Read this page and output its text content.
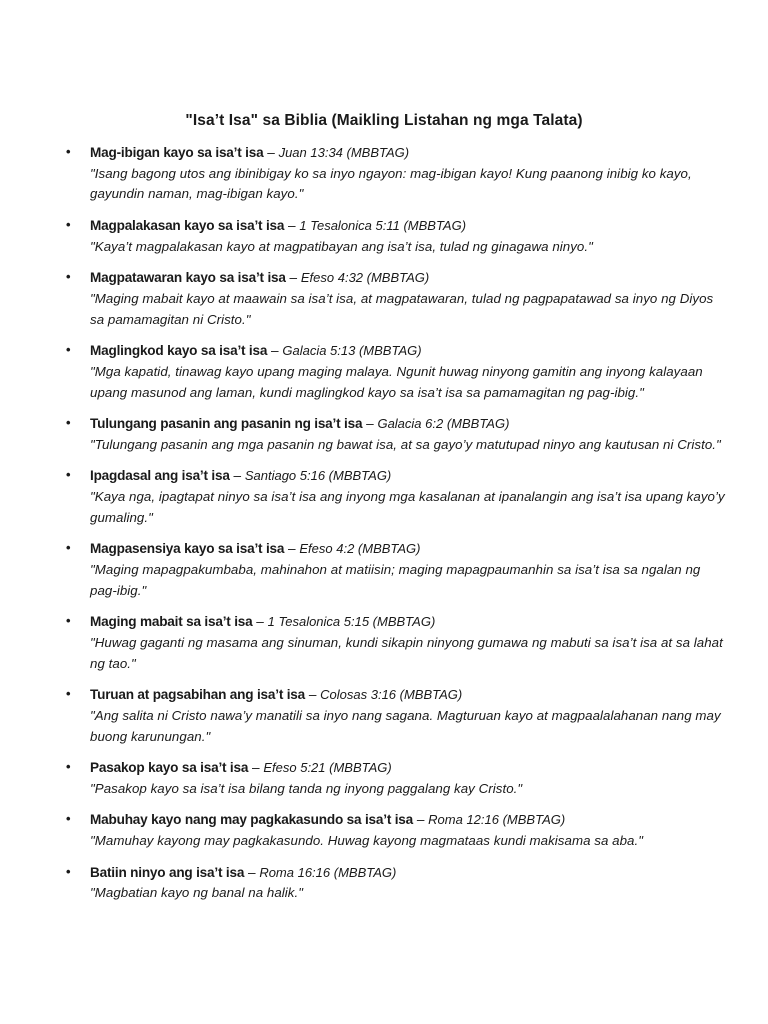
"Isa’t Isa" sa Biblia (Maikling Listahan ng mga Talata)
• Mag-ibigan kayo sa isa’t isa – Juan 13:34 (MBBTAG)
"Isang bagong utos ang ibinibigay ko sa inyo ngayon: mag-ibigan kayo! Kung paanong inibig ko kayo, gayundin naman, mag-ibigan kayo."
• Magpalakasan kayo sa isa’t isa – 1 Tesalonica 5:11 (MBBTAG)
"Kaya’t magpalakasan kayo at magpatibayan ang isa’t isa, tulad ng ginagawa ninyo."
• Magpatawaran kayo sa isa’t isa – Efeso 4:32 (MBBTAG)
"Maging mabait kayo at maawain sa isa’t isa, at magpatawaran, tulad ng pagpapatawad sa inyo ng Diyos sa pamamagitan ni Cristo."
• Maglingkod kayo sa isa’t isa – Galacia 5:13 (MBBTAG)
"Mga kapatid, tinawag kayo upang maging malaya. Ngunit huwag ninyong gamitin ang inyong kalayaan upang masunod ang laman, kundi maglingkod kayo sa isa’t isa sa pamamagitan ng pag-ibig."
• Tulungang pasanin ang pasanin ng isa’t isa – Galacia 6:2 (MBBTAG)
"Tulungang pasanin ang mga pasanin ng bawat isa, at sa gayo’y matutupad ninyo ang kautusan ni Cristo."
• Ipagdasal ang isa’t isa – Santiago 5:16 (MBBTAG)
"Kaya nga, ipagtapat ninyo sa isa’t isa ang inyong mga kasalanan at ipanalangin ang isa’t isa upang kayo’y gumaling."
• Magpasensiya kayo sa isa’t isa – Efeso 4:2 (MBBTAG)
"Maging mapagpakumbaba, mahinahon at matiisin; maging mapagpaumanhin sa isa’t isa sa ngalan ng pag-ibig."
• Maging mabait sa isa’t isa – 1 Tesalonica 5:15 (MBBTAG)
"Huwag gaganti ng masama ang sinuman, kundi sikapin ninyong gumawa ng mabuti sa isa’t isa at sa lahat ng tao."
• Turuan at pagsabihan ang isa’t isa – Colosas 3:16 (MBBTAG)
"Ang salita ni Cristo nawa’y manatili sa inyo nang sagana. Magturuan kayo at magpaalalahanan nang may buong karunungan."
• Pasakop kayo sa isa’t isa – Efeso 5:21 (MBBTAG)
"Pasakop kayo sa isa’t isa bilang tanda ng inyong paggalang kay Cristo."
• Mabuhay kayo nang may pagkakasundo sa isa’t isa – Roma 12:16 (MBBTAG)
"Mamuhay kayong may pagkakasundo. Huwag kayong magmataas kundi makisama sa aba."
• Batiin ninyo ang isa’t isa – Roma 16:16 (MBBTAG)
"Magbatian kayo ng banal na halik."
